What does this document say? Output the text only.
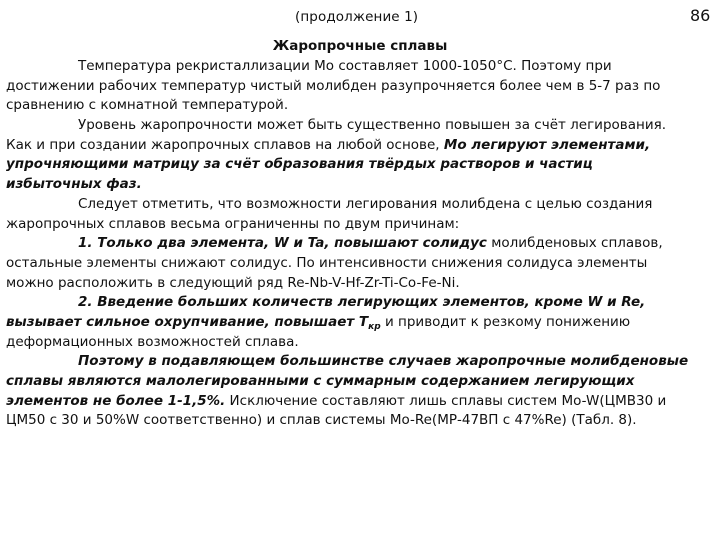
(продолжение 1)	86
Жаропрочные сплавы
Температура рекристаллизации Mo составляет 1000-1050°С. Поэтому при
достижении рабочих температур чистый молибден разупрочняется более чем в 5-7 раз по
сравнению с комнатной температурой.
Уровень жаропрочности может быть существенно повышен за счёт легирования.
Как и при создании жаропрочных сплавов на любой основе, Mo легируют элементами,
упрочняющими матрицу за счёт образования твёрдых растворов и частиц
избыточных фаз.
Следует отметить, что возможности легирования молибдена с целью создания
жаропрочных сплавов весьма ограниченны по двум причинам:
1. Только два элемента, W и Ta, повышают солидус молибденовых сплавов,
остальные элементы снижают солидус. По интенсивности снижения солидуса элементы
можно расположить в следующий ряд Re-Nb-V-Hf-Zr-Ti-Co-Fe-Ni.
2. Введение больших количеств легирующих элементов, кроме W и Re,
вызывает сильное охрупчивание, повышает $T_{кр}$ и приводит к резкому понижению
деформационных возможностей сплава.
Поэтому в подавляющем большинстве случаев жаропрочные молибденовые
сплавы являются малолегированными с суммарным содержанием легирующих
элементов не более 1-1,5%. Исключение составляют лишь сплавы систем Mo-W(ЦМВ30 и
ЦМ50 с 30 и 50%W соответственно) и сплав системы Mo-Re(МР-47ВП с 47%Re) (Табл. 8).
